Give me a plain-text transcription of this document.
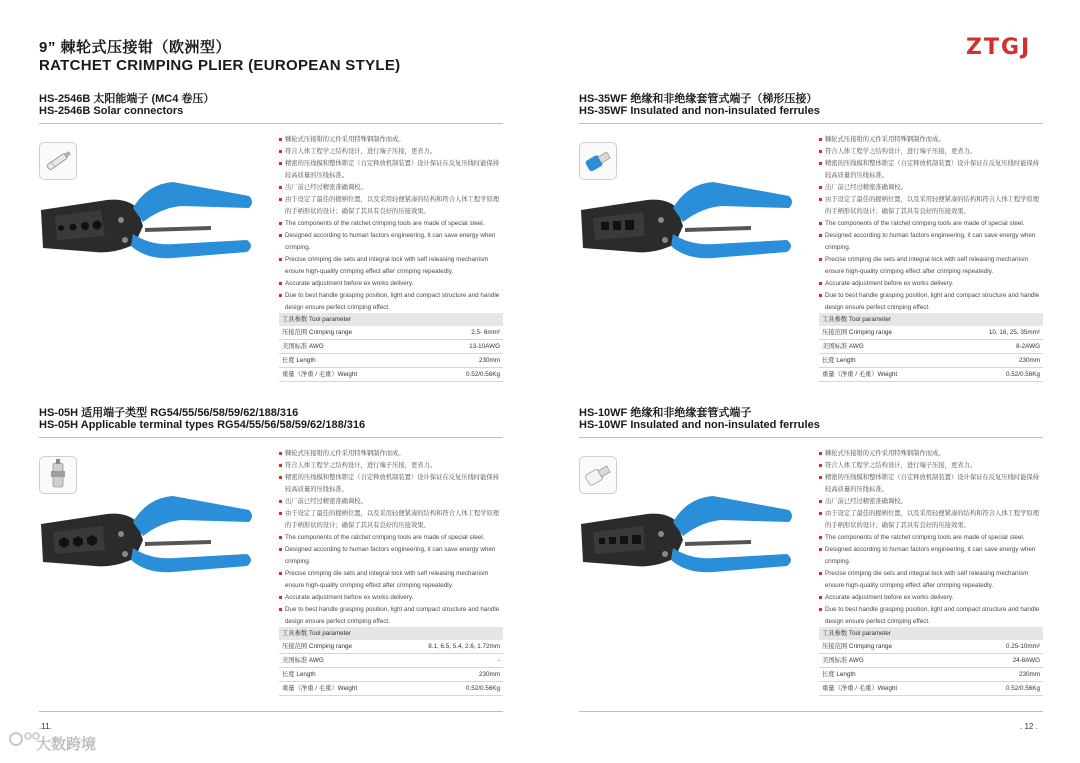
9” 棘轮式压接钳（欧洲型）
RATCHET CRIMPING PLIER (EUROPEAN STYLE)
ZTGJ
HS-2546B 太阳能端子 (MC4 卷压）
HS-2546B Solar connectors
棘轮式压接钳的元件采用特殊钢制作而成。
符合人体工程学之结构设计，进行端子压接，更省力。
精密的压线模和整体锁定（自定释放机制装置）设计保证在反复压线时能保持较高质量的压线标准。
出厂前已经过精密准确调校。
由于设定了最佳的握柄位置，以及采用轻便紧凑的结构和符合人体工程学原理的手柄形状的设计；确保了其具有良好的压接效果。
The components of the ratchet crimping tools are made of special steel.
Designed according to human factors engineering, it can save energy when crimping.
Precise crimping die sets and integral lock with self releasing mechanism ensure high-quality crimping effect after crimping repeatedly.
Accurate adjustment before ex works delivery.
Due to best handle grasping position, light and compact structure and handle design ensure perfect crimping effect.
工具参数 Tool parameter
压接范围 Crimping range	2.5- 6mm²
美国标准 AWG	13-10AWG
长度 Length	230mm
重量（净重 / 毛重）Weight	0.52/0.56Kg
HS-35WF 绝缘和非绝缘套管式端子（梯形压接）
HS-35WF Insulated and non-insulated ferrules
棘轮式压接钳的元件采用特殊钢制作而成。
符合人体工程学之结构设计，进行端子压接，更省力。
精密的压线模和整体锁定（自定释放机制装置）设计保证在反复压线时能保持较高质量的压线标准。
出厂前已经过精密准确调校。
由于设定了最佳的握柄位置，以及采用轻便紧凑的结构和符合人体工程学原理的手柄形状的设计；确保了其具有良好的压接效果。
The components of the ratchet crimping tools are made of special steel.
Designed according to human factors engineering, it can save energy when crimping.
Precise crimping die sets and integral lock with self releasing mechanism ensure high-quality crimping effect after crimping repeatedly.
Accurate adjustment before ex works delivery.
Due to best handle grasping position, light and compact structure and handle design ensure perfect crimping effect.
工具参数 Tool parameter
压接范围 Crimping range	10, 16, 25, 35mm²
美国标准 AWG	8-2AWG
长度 Length	230mm
重量（净重 / 毛重）Weight	0.52/0.56Kg
HS-05H 适用端子类型 RG54/55/56/58/59/62/188/316
HS-05H Applicable terminal types RG54/55/56/58/59/62/188/316
棘轮式压接钳的元件采用特殊钢制作而成。
符合人体工程学之结构设计，进行端子压接，更省力。
精密的压线模和整体锁定（自定释放机制装置）设计保证在反复压线时能保持较高质量的压线标准。
出厂前已经过精密准确调校。
由于设定了最佳的握柄位置，以及采用轻便紧凑的结构和符合人体工程学原理的手柄形状的设计；确保了其具有良好的压接效果。
The components of the ratchet crimping tools are made of special steel.
Designed according to human factors engineering, it can save energy when crimping.
Precise crimping die sets and integral lock with self releasing mechanism ensure high-quality crimping effect after crimping repeatedly.
Accurate adjustment before ex works delivery.
Due to best handle grasping position, light and compact structure and handle design ensure perfect crimping effect.
工具参数 Tool parameter
压接范围 Crimping range	8.1, 6.5, 5.4, 2.6, 1.72mm
美国标准 AWG	-
长度 Length	230mm
重量（净重 / 毛重）Weight	0.52/0.56Kg
HS-10WF 绝缘和非绝缘套管式端子
HS-10WF Insulated and non-insulated ferrules
棘轮式压接钳的元件采用特殊钢制作而成。
符合人体工程学之结构设计，进行端子压接，更省力。
精密的压线模和整体锁定（自定释放机制装置）设计保证在反复压线时能保持较高质量的压线标准。
出厂前已经过精密准确调校。
由于设定了最佳的握柄位置，以及采用轻便紧凑的结构和符合人体工程学原理的手柄形状的设计；确保了其具有良好的压接效果。
The components of the ratchet crimping tools are made of special steel.
Designed according to human factors engineering, it can save energy when crimping.
Precise crimping die sets and integral lock with self releasing mechanism ensure high-quality crimping effect after crimping repeatedly.
Accurate adjustment before ex works delivery.
Due to best handle grasping position, light and compact structure and handle design ensure perfect crimping effect.
工具参数 Tool parameter
压接范围 Crimping range	0.25-10mm²
美国标准 AWG	24-8AWG
长度 Length	230mm
重量（净重 / 毛重）Weight	0.52/0.56Kg
.11.	. 12 .
大数跨境
